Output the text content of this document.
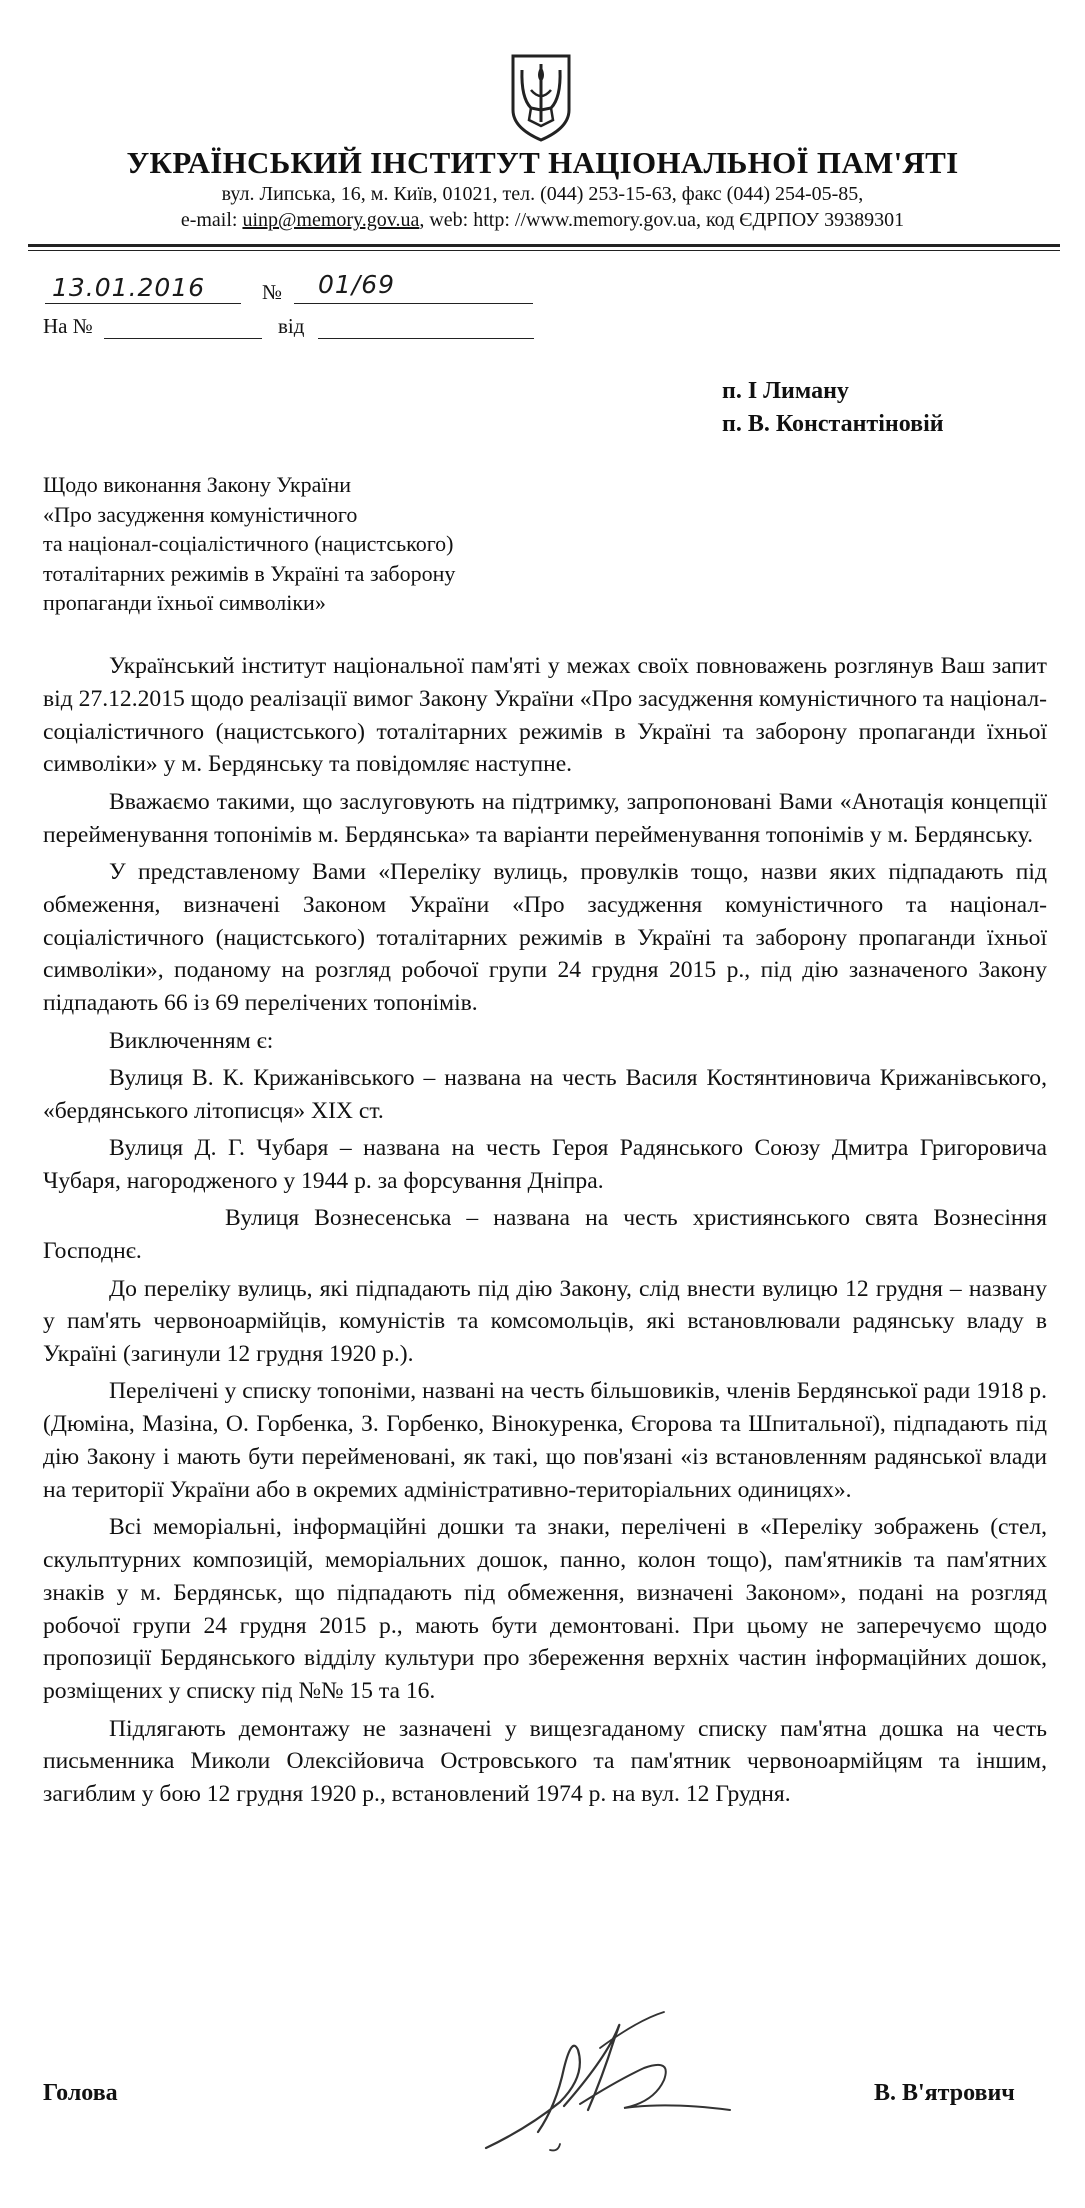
УКРАЇНСЬКИЙ ІНСТИТУТ НАЦІОНАЛЬНОЇ ПАМ'ЯТІ
вул. Липська, 16, м. Київ, 01021, тел. (044) 253-15-63, факс (044) 254-05-85,
e-mail: uinp@memory.gov.ua, web: http: //www.memory.gov.ua, код ЄДРПОУ 39389301
13.01.2016	№ 01/69
На №	від
п. І Лиману
п. В. Константіновій
Щодо виконання Закону України
«Про засудження комуністичного
та націонал-соціалістичного (нацистського)
тоталітарних режимів в Україні та заборону
пропаганди їхньої символіки»

Український інститут національної пам'яті у межах своїх повноважень розглянув Ваш запит від 27.12.2015 щодо реалізації вимог Закону України «Про засудження комуністичного та націонал-соціалістичного (нацистського) тоталітарних режимів в Україні та заборону пропаганди їхньої символіки» у м. Бердянську та повідомляє наступне.

Вважаємо такими, що заслуговують на підтримку, запропоновані Вами «Анотація концепції перейменування топонімів м. Бердянська» та варіанти перейменування топонімів у м. Бердянську.

У представленому Вами «Переліку вулиць, провулків тощо, назви яких підпадають під обмеження, визначені Законом України «Про засудження комуністичного та націонал-соціалістичного (нацистського) тоталітарних режимів в Україні та заборону пропаганди їхньої символіки», поданому на розгляд робочої групи 24 грудня 2015 р., під дію зазначеного Закону підпадають 66 із 69 перелічених топонімів.

Виключенням є:

Вулиця В. К. Крижанівського – названа на честь Василя Костянтиновича Крижанівського, «бердянського літописця» XIX ст.

Вулиця Д. Г. Чубаря – названа на честь Героя Радянського Союзу Дмитра Григоровича Чубаря, нагородженого у 1944 р. за форсування Дніпра.

Вулиця Вознесенська – названа на честь християнського свята Вознесіння Господнє.

До переліку вулиць, які підпадають під дію Закону, слід внести вулицю 12 грудня – названу у пам'ять червоноармійців, комуністів та комсомольців, які встановлювали радянську владу в Україні (загинули 12 грудня 1920 р.).

Перелічені у списку топоніми, названі на честь більшовиків, членів Бердянської ради 1918 р. (Дюміна, Мазіна, О. Горбенка, З. Горбенко, Вінокуренка, Єгорова та Шпитальної), підпадають під дію Закону і мають бути перейменовані, як такі, що пов'язані «із встановленням радянської влади на території України або в окремих адміністративно-територіальних одиницях».

Всі меморіальні, інформаційні дошки та знаки, перелічені в «Переліку зображень (стел, скульптурних композицій, меморіальних дошок, панно, колон тощо), пам'ятників та пам'ятних знаків у м. Бердянськ, що підпадають під обмеження, визначені Законом», подані на розгляд робочої групи 24 грудня 2015 р., мають бути демонтовані. При цьому не заперечуємо щодо пропозиції Бердянського відділу культури про збереження верхніх частин інформаційних дошок, розміщених у списку під №№ 15 та 16.

Підлягають демонтажу не зазначені у вищезгаданому списку пам'ятна дошка на честь письменника Миколи Олексійовича Островського та пам'ятник червоноармійцям та іншим, загиблим у бою 12 грудня 1920 р., встановлений 1974 р. на вул. 12 Грудня.

Голова	В. В'ятрович
